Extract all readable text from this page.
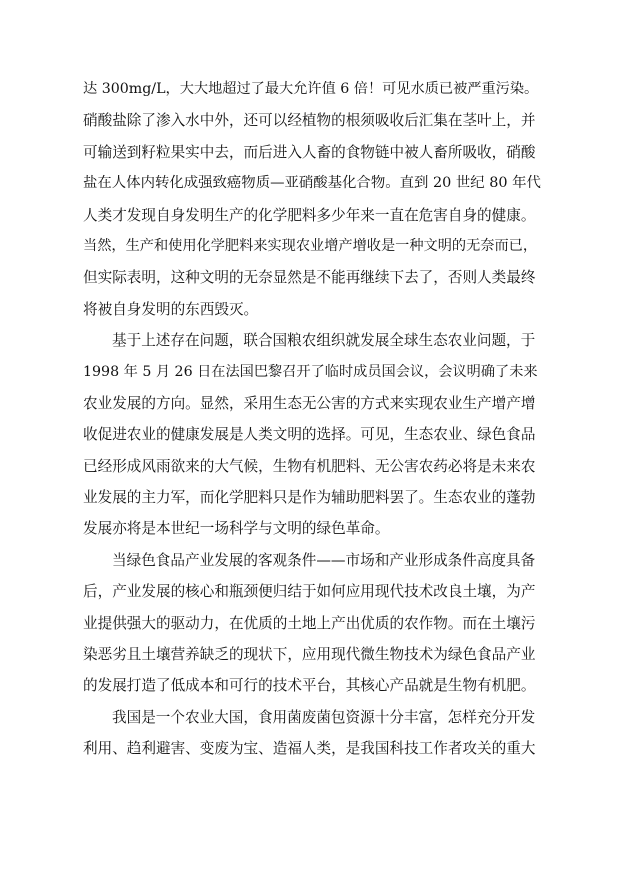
达 300mg/L，大大地超过了最大允许值 6 倍！可见水质已被严重污染。
硝酸盐除了渗入水中外，还可以经植物的根须吸收后汇集在茎叶上，并
可输送到籽粒果实中去，而后进入人畜的食物链中被人畜所吸收，硝酸
盐在人体内转化成强致癌物质—亚硝酸基化合物。直到 20 世纪 80 年代
人类才发现自身发明生产的化学肥料多少年来一直在危害自身的健康。
当然，生产和使用化学肥料来实现农业增产增收是一种文明的无奈而已，
但实际表明，这种文明的无奈显然是不能再继续下去了，否则人类最终
将被自身发明的东西毁灭。
基于上述存在问题，联合国粮农组织就发展全球生态农业问题，于
1998 年 5 月 26 日在法国巴黎召开了临时成员国会议，会议明确了未来
农业发展的方向。显然，采用生态无公害的方式来实现农业生产增产增
收促进农业的健康发展是人类文明的选择。可见，生态农业、绿色食品
已经形成风雨欲来的大气候，生物有机肥料、无公害农药必将是未来农
业发展的主力军，而化学肥料只是作为辅助肥料罢了。生态农业的蓬勃
发展亦将是本世纪一场科学与文明的绿色革命。
当绿色食品产业发展的客观条件——市场和产业形成条件高度具备
后，产业发展的核心和瓶颈便归结于如何应用现代技术改良土壤，为产
业提供强大的驱动力，在优质的土地上产出优质的农作物。而在土壤污
染恶劣且土壤营养缺乏的现状下，应用现代微生物技术为绿色食品产业
的发展打造了低成本和可行的技术平台，其核心产品就是生物有机肥。
我国是一个农业大国，食用菌废菌包资源十分丰富，怎样充分开发
利用、趋利避害、变废为宝、造福人类，是我国科技工作者攻关的重大
